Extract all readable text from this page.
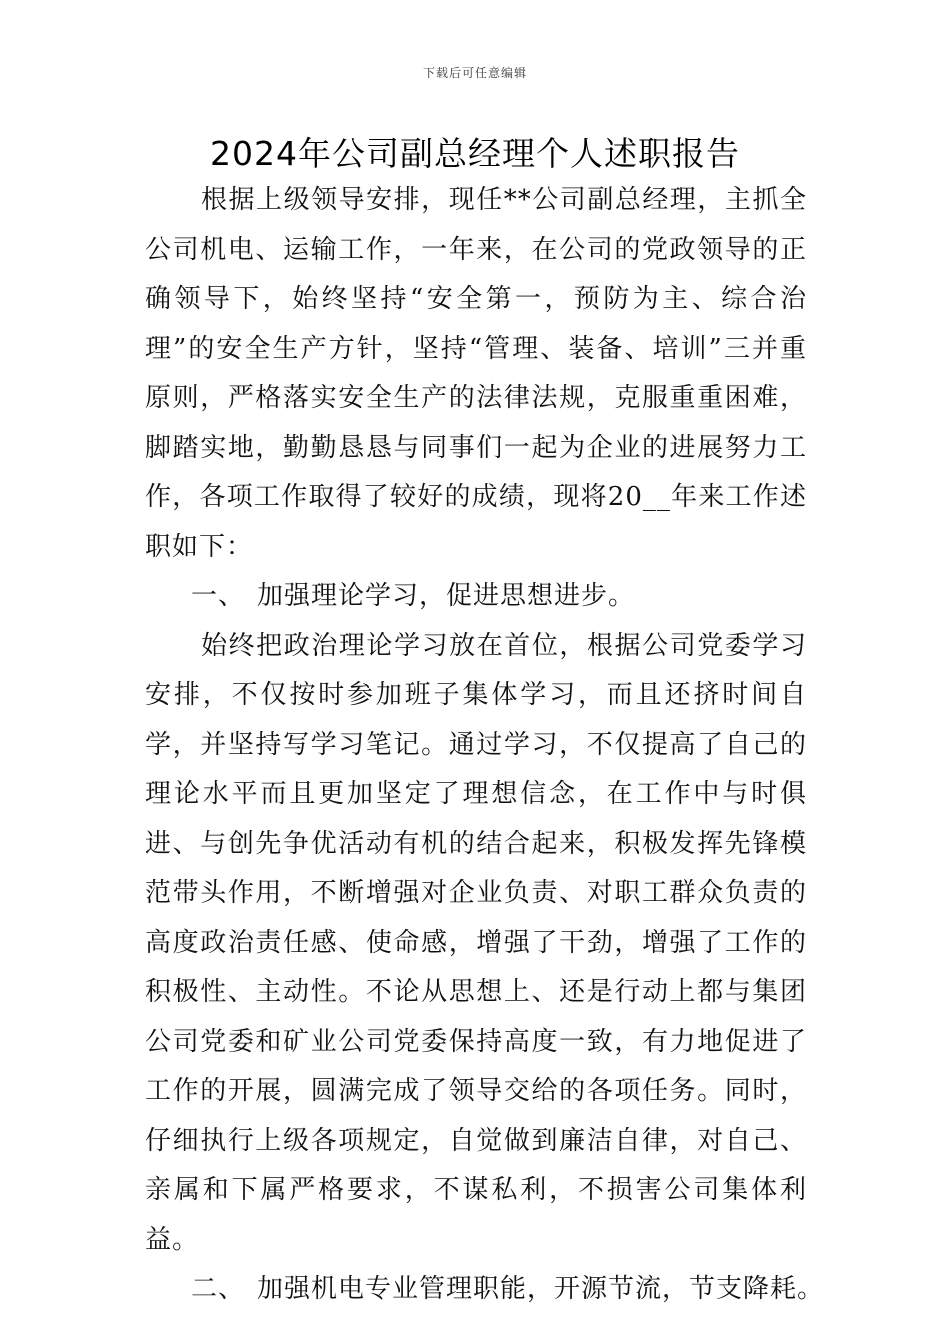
下载后可任意编辑
2024年公司副总经理个人述职报告

根据上级领导安排，现任**公司副总经理，主抓全公司机电、运输工作，一年来，在公司的党政领导的正确领导下，始终坚持“安全第一，预防为主、综合治理”的安全生产方针，坚持“管理、装备、培训”三并重原则，严格落实安全生产的法律法规，克服重重困难，脚踏实地，勤勤恳恳与同事们一起为企业的进展努力工作，各项工作取得了较好的成绩，现将20__年来工作述职如下：

一、 加强理论学习，促进思想进步。

始终把政治理论学习放在首位，根据公司党委学习安排，不仅按时参加班子集体学习，而且还挤时间自学，并坚持写学习笔记。通过学习，不仅提高了自己的理论水平而且更加坚定了理想信念，在工作中与时俱进、与创先争优活动有机的结合起来，积极发挥先锋模范带头作用，不断增强对企业负责、对职工群众负责的高度政治责任感、使命感，增强了干劲，增强了工作的积极性、主动性。不论从思想上、还是行动上都与集团公司党委和矿业公司党委保持高度一致，有力地促进了工作的开展，圆满完成了领导交给的各项任务。同时，仔细执行上级各项规定，自觉做到廉洁自律，对自己、亲属和下属严格要求，不谋私利，不损害公司集体利益。

二、 加强机电专业管理职能，开源节流，节支降耗。
